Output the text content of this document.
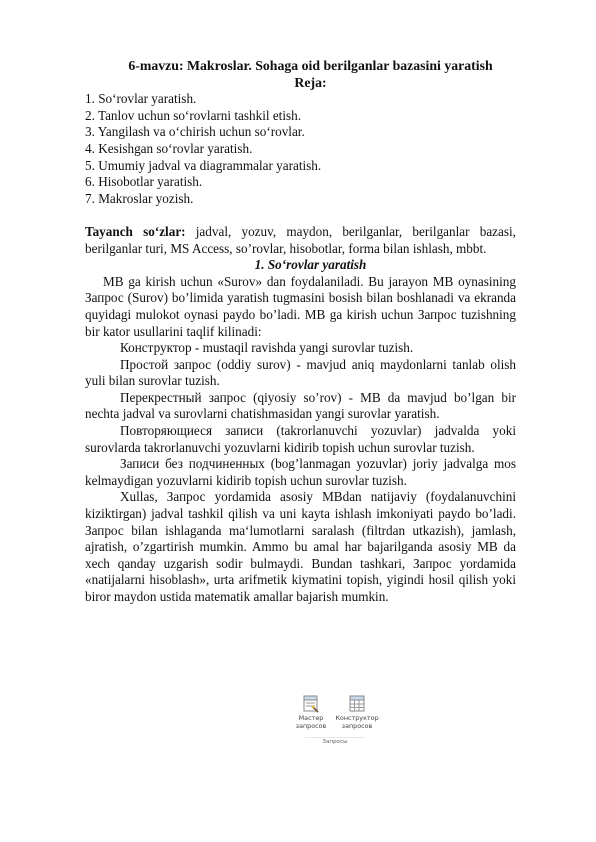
6-mavzu: Makroslar. Sohaga oid berilganlar bazasini yaratish
Reja:
1. So‘rovlar yaratish.
2. Tanlov uchun so‘rovlarni tashkil etish.
3. Yangilash va o‘chirish uchun so‘rovlar.
4. Kesishgan so‘rovlar yaratish.
5. Umumiy jadval va diagrammalar yaratish.
6. Hisobotlar yaratish.
7. Makroslar yozish.
Tayanch so‘zlar: jadval, yozuv, maydon, berilganlar, berilganlar bazasi, berilganlar turi, MS Access, so’rovlar, hisobotlar, forma bilan ishlash, mbbt.
1. So‘rovlar yaratish
MB ga kirish uchun «Surov» dan foydalaniladi. Bu jarayon MB oynasining Запрос (Surov) bo’limida yaratish tugmasini bosish bilan boshlanadi va ekranda quyidagi mulokot oynasi paydo bo’ladi. MB ga kirish uchun Запрос tuzishning bir kator usullarini taqlif kilinadi:
Конструктор - mustaqil ravishda yangi surovlar tuzish.
Простой запрос (oddiy surov) - mavjud aniq maydonlarni tanlab olish yuli bilan surovlar tuzish.
Перекрестный запрос (qiyosiy so’rov) - MB da mavjud bo’lgan bir nechta jadval va surovlarni chatishmasidan yangi surovlar yaratish.
Повторяющиеся записи (takrorlanuvchi yozuvlar) jadvalda yoki surovlarda takrorlanuvchi yozuvlarni kidirib topish uchun surovlar tuzish.
Записи без подчиненных (bog’lanmagan yozuvlar) joriy jadvalga mos kelmaydigan yozuvlarni kidirib topish uchun surovlar tuzish.
Xullas, Запрос yordamida asosiy MBdan natijaviy (foydalanuvchini kiziktirgan) jadval tashkil qilish va uni kayta ishlash imkoniyati paydo bo’ladi. Запрос bilan ishlaganda ma‘lumotlarni saralash (filtrdan utkazish), jamlash, ajratish, o’zgartirish mumkin. Ammo bu amal har bajarilganda asosiy MB da xech qanday uzgarish sodir bulmaydi. Bundan tashkari, Запрос yordamida «natijalarni hisoblash», urta arifmetik kiymatini topish, yigindi hosil qilish yoki biror maydon ustida matematik amallar bajarish mumkin.
Мастер
запросов
Конструктор
запросов
Запросы
